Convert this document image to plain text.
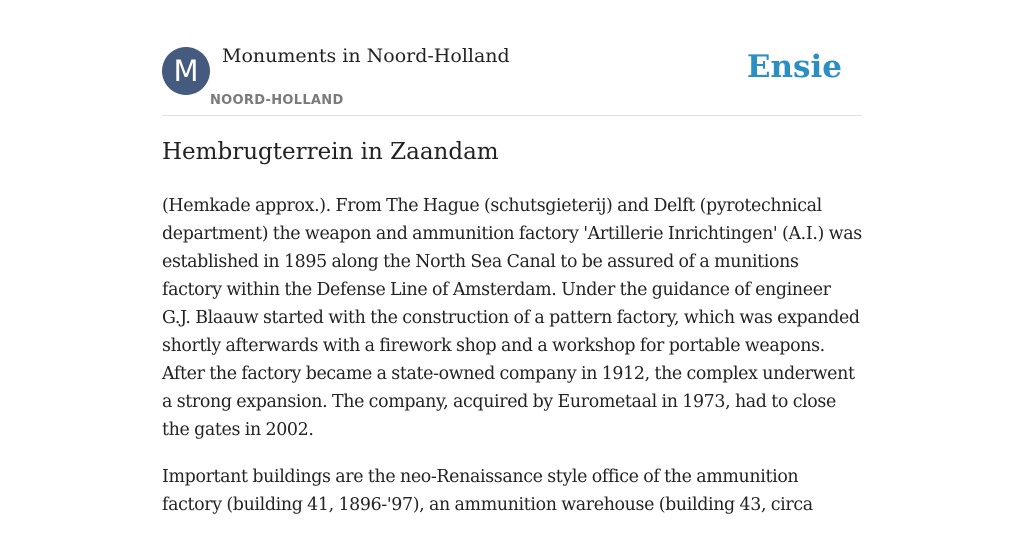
M	Monuments in Noord-Holland
NOORD-HOLLAND
Ensie
Hembrugterrein in Zaandam

(Hemkade approx.). From The Hague (schutsgieterij) and Delft (pyrotechnical department) the weapon and ammunition factory 'Artillerie Inrichtingen' (A.I.) was established in 1895 along the North Sea Canal to be assured of a munitions factory within the Defense Line of Amsterdam. Under the guidance of engineer G.J. Blaauw started with the construction of a pattern factory, which was expanded shortly afterwards with a firework shop and a workshop for portable weapons. After the factory became a state-owned company in 1912, the complex underwent a strong expansion. The company, acquired by Eurometaal in 1973, had to close the gates in 2002.

Important buildings are the neo-Renaissance style office of the ammunition factory (building 41, 1896-'97), an ammunition warehouse (building 43, circa
